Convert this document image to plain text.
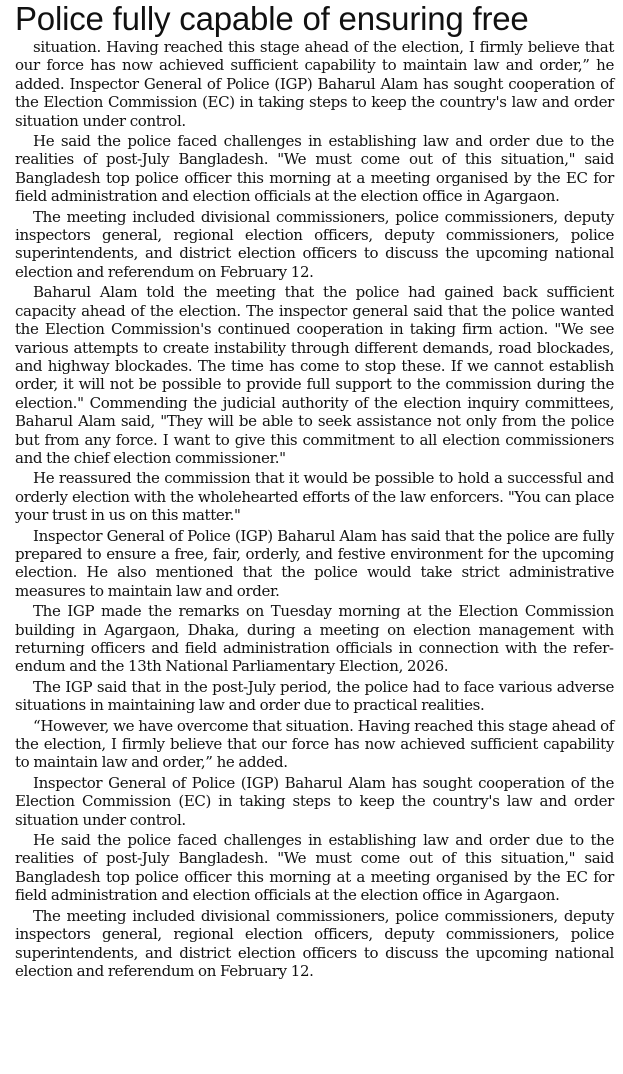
Police fully capable of ensuring free

situation. Having reached this stage ahead of the election, I firmly believe that our force has now achieved sufficient capability to maintain law and order,” he added. Inspector General of Police (IGP) Baharul Alam has sought cooperation of the Election Commission (EC) in taking steps to keep the country's law and order situation under control.

He said the police faced challenges in establishing law and order due to the realities of post-July Bangladesh. "We must come out of this situation," said Bangladesh top police officer this morning at a meeting organised by the EC for field administration and election officials at the election office in Agargaon.

The meeting included divisional commissioners, police commissioners, deputy inspectors general, regional election officers, deputy commissioners, police superintendents, and district election officers to discuss the upcoming national election and referendum on February 12.

Baharul Alam told the meeting that the police had gained back sufficient capacity ahead of the election. The inspector general said that the police wanted the Election Commission's continued cooperation in taking firm action. "We see various attempts to create instability through different demands, road blockades, and highway blockades. The time has come to stop these. If we cannot establish order, it will not be possible to provide full support to the commission during the election." Commending the judicial authority of the election inquiry committees, Baharul Alam said, "They will be able to seek assistance not only from the police but from any force. I want to give this commitment to all election commissioners and the chief election commissioner."

He reassured the commission that it would be possible to hold a successful and orderly election with the wholehearted efforts of the law enforcers. "You can place your trust in us on this matter."

Inspector General of Police (IGP) Baharul Alam has said that the police are fully prepared to ensure a free, fair, orderly, and festive environment for the upcoming election. He also mentioned that the police would take strict administrative measures to maintain law and order.

The IGP made the remarks on Tuesday morning at the Election Commission building in Agargaon, Dhaka, during a meeting on election management with returning officers and field administration officials in connection with the referendum and the 13th National Parliamentary Election, 2026.

The IGP said that in the post-July period, the police had to face various adverse situations in maintaining law and order due to practical realities.

“However, we have overcome that situation. Having reached this stage ahead of the election, I firmly believe that our force has now achieved sufficient capability to maintain law and order,” he added.

Inspector General of Police (IGP) Baharul Alam has sought cooperation of the Election Commission (EC) in taking steps to keep the country's law and order situation under control.

He said the police faced challenges in establishing law and order due to the realities of post-July Bangladesh. "We must come out of this situation," said Bangladesh top police officer this morning at a meeting organised by the EC for field administration and election officials at the election office in Agargaon.

The meeting included divisional commissioners, police commissioners, deputy inspectors general, regional election officers, deputy commissioners, police superintendents, and district election officers to discuss the upcoming national election and referendum on February 12.
